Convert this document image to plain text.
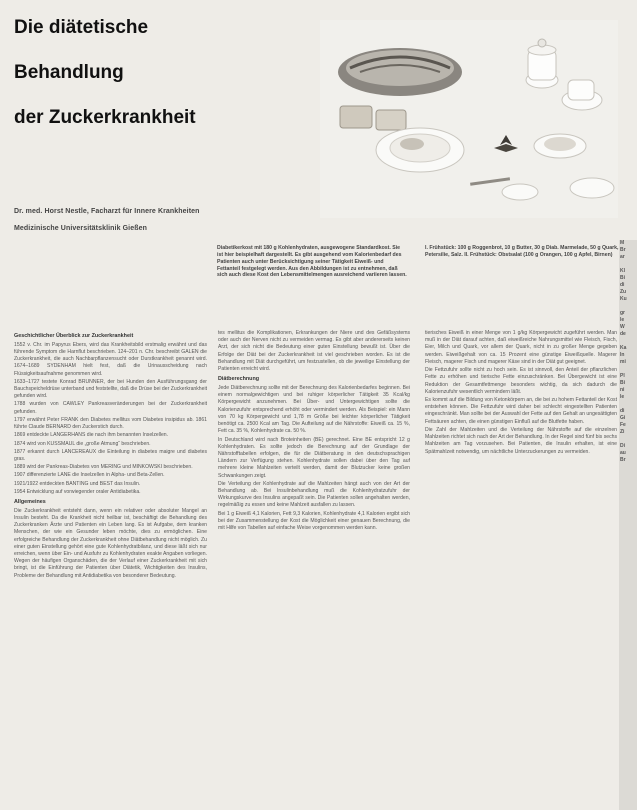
Die diätetische
Behandlung
der Zuckerkrankheit

Dr. med. Horst Nestle, Facharzt für Innere Krankheiten

Medizinische Universitätsklinik Gießen

Diabetikerkost mit 180 g Kohlenhydraten, ausgewogene Standardkost. Sie ist hier beispielhaft dargestellt. Es gibt ausgehend vom Kalorienbedarf des Patienten auch unter Berücksichtigung seiner Tätigkeit Eiweiß- und Fettanteil festgelegt werden. Aus den Abbildungen ist zu entnehmen, daß sich auch diese Kost den Lebensmittelmengen ausreichend variieren lassen.
I. Frühstück: 100 g Roggenbrot, 10 g Butter, 30 g Diab. Marmelade, 50 g Quark, Petersilie, Salz. II. Frühstück: Obstsalat (100 g Orangen, 100 g Apfel, Birnen)
Geschichtlicher Überblick zur Zuckerkrankheit

1552 v. Chr. im Papyrus Ebers, wird das Krankheitsbild erstmalig erwähnt und das führende Symptom die Harnflut beschrieben. 124–201 n. Chr. beschreibt GALEN die Zuckerkrankheit, die auch Nachbarpflanzensucht oder Durstkrankheit genannt wird. 1674–1689 SYDENHAM hielt fest, daß die Urinausscheidung nach Flüssigkeitsaufnahme genommen wird.

1633–1727 testete Konrad BRUNNER, der bei Hunden den Ausführungsgang der Bauchspeicheldrüse unterband und feststellte, daß die Drüse bei der Zuckerkrankheit gefunden wird.

1788 wurden von CAWLEY Pankreasveränderungen bei der Zuckerkrankheit gefunden.

1797 erwähnt Peter FRANK den Diabetes mellitus vom Diabetes insipidus ab. 1861 führte Claude BERNARD den Zuckerstich durch.

1869 entdeckte LANGERHANS die nach ihm benannten Inselzellen.

1874 wird von KUSSMAUL die „große Atmung“ beschrieben.

1877 erkannt durch LANCEREAUX die Einteilung in diabetes maigre und diabetes gras.

1889 wird der Pankreas-Diabetes von MERING und MINKOWSKI beschrieben.

1907 differenzierte LANE die Inselzellen in Alpha- und Beta-Zellen.

1921/1922 entdeckten BANTING und BEST das Insulin.

1954 Entwicklung auf vorwiegender oraler Antidiabetika.

Allgemeines

Die Zuckerkrankheit entsteht dann, wenn ein relativer oder absoluter Mangel an Insulin besteht. Da die Krankheit nicht heilbar ist, beschäftigt die Behandlung des Zuckerkranken Ärzte und Patienten ein Leben lang. Es ist Aufgabe, dem kranken Menschen, der wie ein Gesunder leben möchte, dies zu ermöglichen. Eine erfolgreiche Behandlung der Zuckerkrankheit ohne Diätbehandlung nicht möglich. Zu einer guten Einstellung gehört eine gute Kohlenhydratbilanz, und diese läßt sich nur erreichen, wenn über Ein- und Ausfuhr zu Kohlenhydraten exakte Angaben vorliegen. Wegen der häufigen Organschäden, die der Verlauf einer Zuckerkrankheit mit sich bringt, ist die Einführung der Patienten über Diätetik, Wichtigkeiten des Insulins, Probleme der Behandlung mit Antidiabetika von besonderer Bedeutung.

tes mellitus die Komplikationen, Erkrankungen der Niere und des Gefäßsystems oder auch der Nerven nicht zu vermeiden vermag. Es gibt aber andererseits keinen Arzt, der sich nicht die Bedeutung einer guten Einstellung bewußt ist. Über die Erfolge der Diät bei der Zuckerkrankheit ist viel geschrieben worden. Es ist die Behandlung mit Diät durchgeführt, um festzustellen, ob die jeweilige Einstellung der Patienten erreicht wird.

Diätberechnung

Jede Diätberechnung sollte mit der Berechnung des Kalorienbedarfes beginnen. Bei einem normalgewichtigen und bei ruhiger körperlicher Tätigkeit 35 Kcal/kg Körpergewicht anzunehmen. Bei Über- und Untergewichtigen sollte die Kalorienzufuhr entsprechend erhöht oder vermindert werden. Als Beispiel: ein Mann von 70 kg Körpergewicht und 1,78 m Größe bei leichter körperlicher Tätigkeit benötigt ca. 2500 Kcal am Tag. Die Aufteilung auf die Nährstoffe: Eiweiß ca. 15 %, Fett ca. 35 %, Kohlenhydrate ca. 50 %.

In Deutschland wird nach Broteinheiten (BE) gerechnet. Eine BE entspricht 12 g Kohlenhydraten. Es sollte jedoch die Berechnung auf der Grundlage der Nährstofftabellen erfolgen, die für die Diätberatung in den deutschsprachigen Ländern zur Verfügung stehen. Kohlenhydrate sollen dabei über den Tag auf mehrere kleine Mahlzeiten verteilt werden, damit der Blutzucker keine großen Schwankungen zeigt.

Die Verteilung der Kohlenhydrate auf die Mahlzeiten hängt auch von der Art der Behandlung ab. Bei Insulinbehandlung muß die Kohlenhydratzufuhr der Wirkungskurve des Insulins angepaßt sein. Die Patienten sollen angehalten werden, regelmäßig zu essen und keine Mahlzeit ausfallen zu lassen.

Bei 1 g Eiweiß 4,1 Kalorien, Fett 9,3 Kalorien, Kohlenhydrate 4,1 Kalorien ergibt sich bei der Zusammenstellung der Kost die Möglichkeit einer genauen Berechnung, die mit Hilfe von Tabellen auf einfache Weise vorgenommen werden kann.

tierisches Eiweiß in einer Menge von 1 g/kg Körpergewicht zugeführt werden. Man muß in der Diät darauf achten, daß eiweißreiche Nahrungsmittel wie Fleisch, Fisch, Eier, Milch und Quark, vor allem der Quark, nicht in zu großer Menge gegeben werden. Eiweißgehalt von ca. 15 Prozent eine günstige Eiweißquelle. Magerer Fleisch, magerer Fisch und magerer Käse sind in der Diät gut geeignet.

Die Fettzufuhr sollte nicht zu hoch sein. Es ist sinnvoll, den Anteil der pflanzlichen Fette zu erhöhen und tierische Fette einzuschränken. Bei Übergewicht ist eine Reduktion der Gesamtfettmenge besonders wichtig, da sich dadurch die Kalorienzufuhr wesentlich vermindern läßt.

Es kommt auf die Bildung von Ketonkörpern an, die bei zu hohem Fettanteil der Kost entstehen können. Die Fettzufuhr wird daher bei schlecht eingestellten Patienten eingeschränkt. Man sollte bei der Auswahl der Fette auf den Gehalt an ungesättigten Fettsäuren achten, die einen günstigen Einfluß auf die Blutfette haben.

Die Zahl der Mahlzeiten und die Verteilung der Nährstoffe auf die einzelnen Mahlzeiten richtet sich nach der Art der Behandlung. In der Regel sind fünf bis sechs Mahlzeiten am Tag vorzusehen. Bei Patienten, die Insulin erhalten, ist eine Spätmahlzeit notwendig, um nächtliche Unterzuckerungen zu vermeiden.

M
Br
ar

Kl
Bi
di
Zu
Ku

gr
le
W
de

Ka
In
mi

Pl
Bi
ni
le

di
Gi
Fe
Zi

Di
au
Br
